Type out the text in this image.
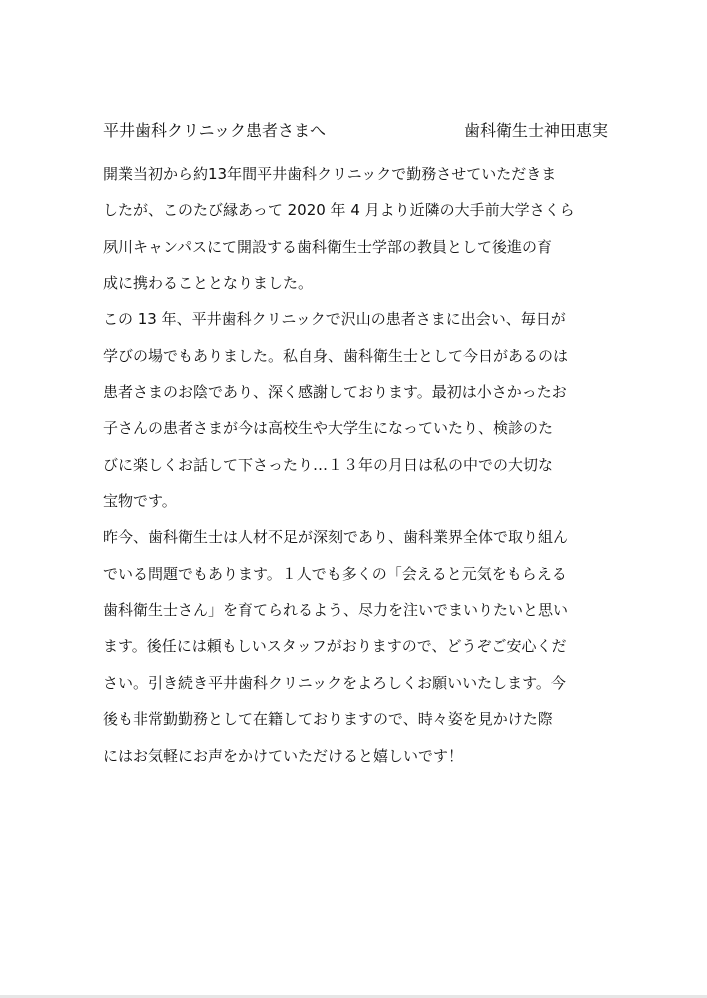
平井歯科クリニック患者さまへ	歯科衛生士神田恵実
開業当初から約13年間平井歯科クリニックで勤務させていただきま
したが、このたび縁あって 2020 年 4 月より近隣の大手前大学さくら
夙川キャンパスにて開設する歯科衛生士学部の教員として後進の育
成に携わることとなりました。
この 13 年、平井歯科クリニックで沢山の患者さまに出会い、毎日が
学びの場でもありました。私自身、歯科衛生士として今日があるのは
患者さまのお陰であり、深く感謝しております。最初は小さかったお
子さんの患者さまが今は高校生や大学生になっていたり、検診のた
びに楽しくお話して下さったり…１３年の月日は私の中での大切な
宝物です。
昨今、歯科衛生士は人材不足が深刻であり、歯科業界全体で取り組ん
でいる問題でもあります。１人でも多くの「会えると元気をもらえる
歯科衛生士さん」を育てられるよう、尽力を注いでまいりたいと思い
ます。後任には頼もしいスタッフがおりますので、どうぞご安心くだ
さい。引き続き平井歯科クリニックをよろしくお願いいたします。今
後も非常勤勤務として在籍しておりますので、時々姿を見かけた際
にはお気軽にお声をかけていただけると嬉しいです！
